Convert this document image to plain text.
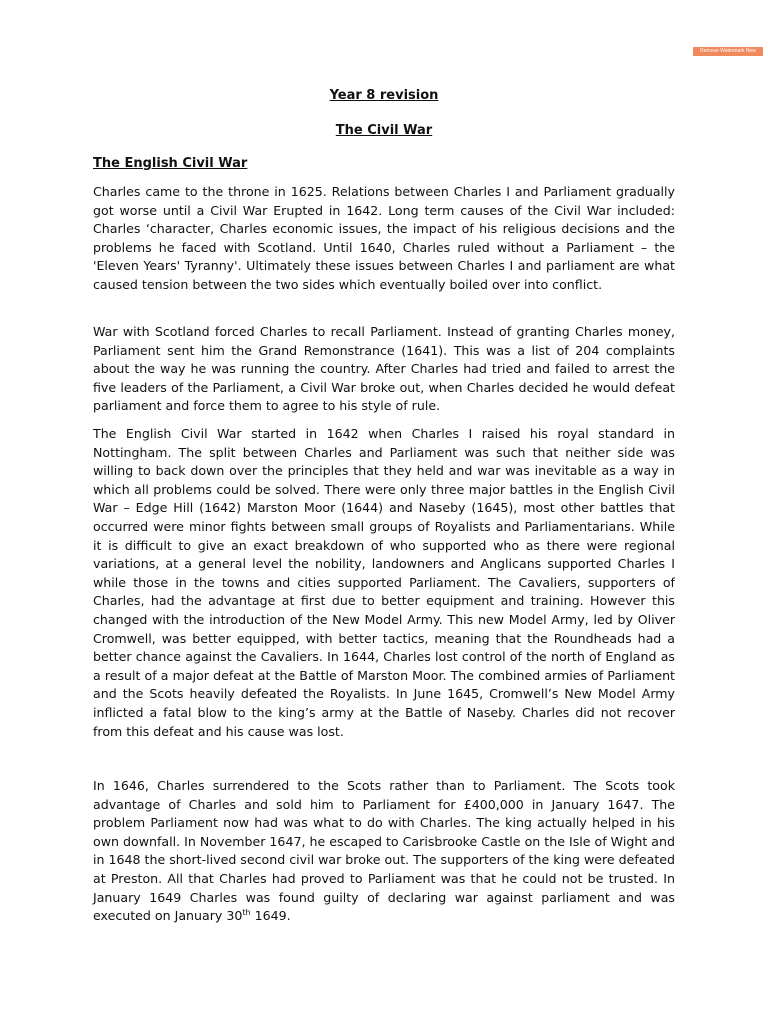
Remove Watermark Now
Year 8 revision
The Civil War
The English Civil War
Charles came to the throne in 1625. Relations between Charles I and Parliament gradually got worse until a Civil War Erupted in 1642. Long term causes of the Civil War included: Charles ‘character, Charles economic issues, the impact of his religious decisions and the problems he faced with Scotland. Until 1640, Charles ruled without a Parliament – the 'Eleven Years' Tyranny'. Ultimately these issues between Charles I and parliament are what caused tension between the two sides which eventually boiled over into conflict.
War with Scotland forced Charles to recall Parliament. Instead of granting Charles money, Parliament sent him the Grand Remonstrance (1641). This was a list of 204 complaints about the way he was running the country. After Charles had tried and failed to arrest the five leaders of the Parliament, a Civil War broke out, when Charles decided he would defeat parliament and force them to agree to his style of rule.
The English Civil War started in 1642 when Charles I raised his royal standard in Nottingham. The split between Charles and Parliament was such that neither side was willing to back down over the principles that they held and war was inevitable as a way in which all problems could be solved. There were only three major battles in the English Civil War – Edge Hill (1642) Marston Moor (1644) and Naseby (1645), most other battles that occurred were minor fights between small groups of Royalists and Parliamentarians. While it is difficult to give an exact breakdown of who supported who as there were regional variations, at a general level the nobility, landowners and Anglicans supported Charles I while those in the towns and cities supported Parliament. The Cavaliers, supporters of Charles, had the advantage at first due to better equipment and training. However this changed with the introduction of the New Model Army. This new Model Army, led by Oliver Cromwell, was better equipped, with better tactics, meaning that the Roundheads had a better chance against the Cavaliers. In 1644, Charles lost control of the north of England as a result of a major defeat at the Battle of Marston Moor. The combined armies of Parliament and the Scots heavily defeated the Royalists. In June 1645, Cromwell’s New Model Army inflicted a fatal blow to the king’s army at the Battle of Naseby. Charles did not recover from this defeat and his cause was lost.
In 1646, Charles surrendered to the Scots rather than to Parliament. The Scots took advantage of Charles and sold him to Parliament for £400,000 in January 1647. The problem Parliament now had was what to do with Charles. The king actually helped in his own downfall. In November 1647, he escaped to Carisbrooke Castle on the Isle of Wight and in 1648 the short-lived second civil war broke out. The supporters of the king were defeated at Preston. All that Charles had proved to Parliament was that he could not be trusted. In January 1649 Charles was found guilty of declaring war against parliament and was executed on January 30th 1649.
